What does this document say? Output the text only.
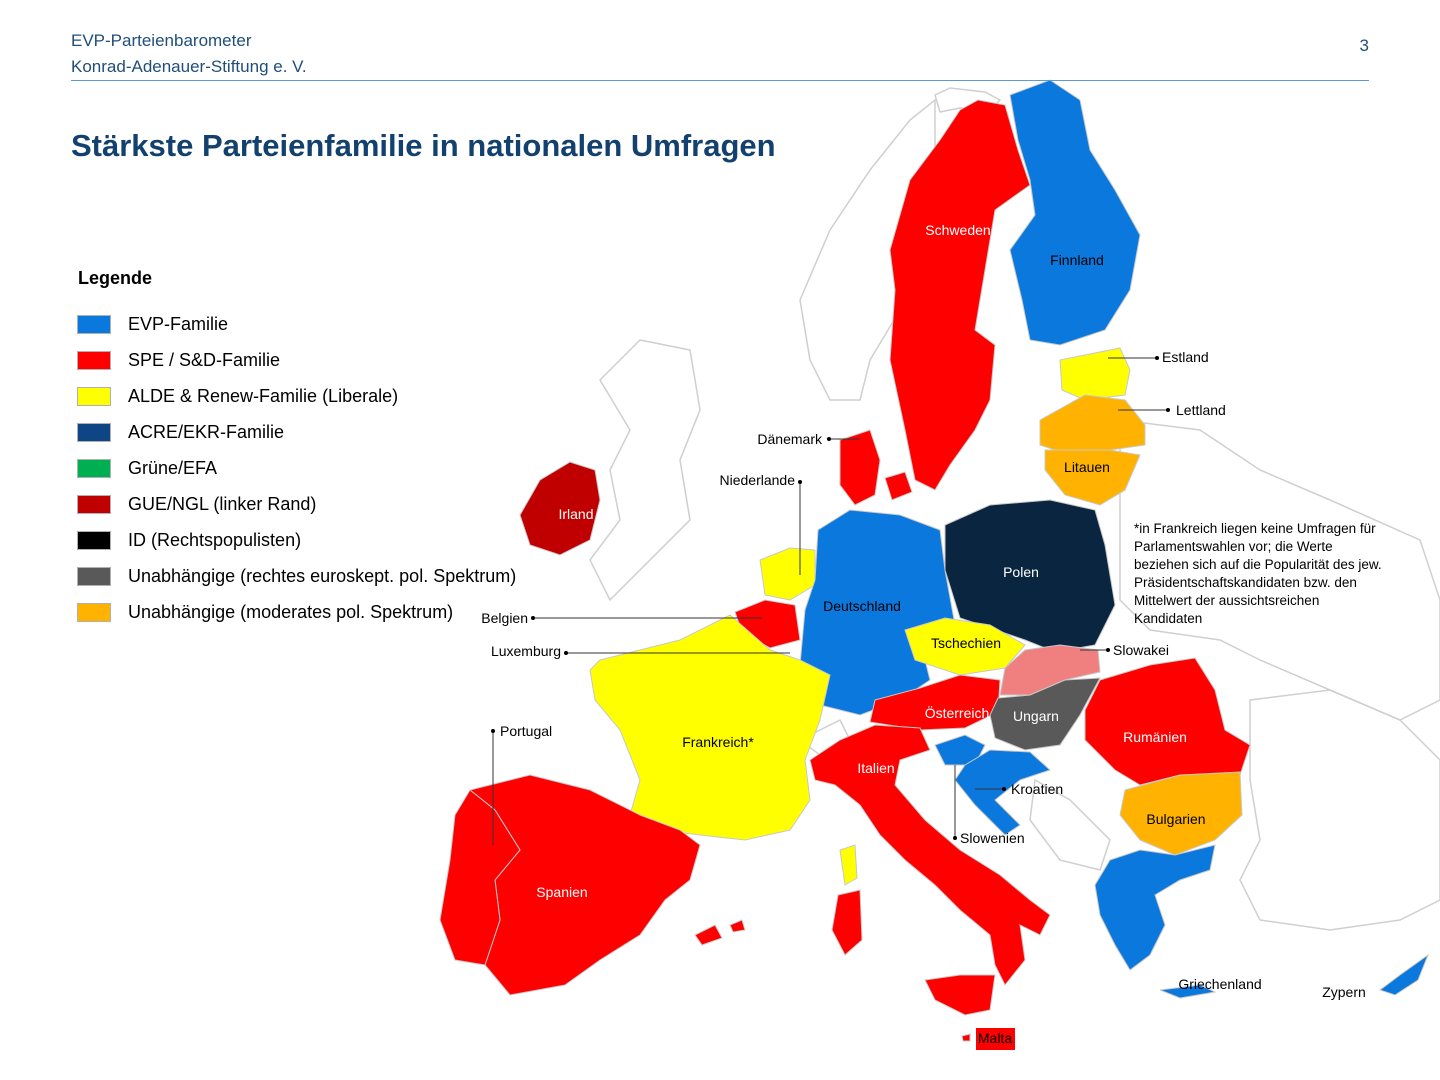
Schweden
Finnland
Estland
Lettland
Litauen
Dänemark
Niederlande
Irland
Belgien
Luxemburg
Deutschland
Polen
Tschechien	Slowakei
Österreich Ungarn
Rumänien
Frankreich*
Portugal
Spanien
Italien
Kroatien
Slowenien
Bulgarien
Griechenland	Zypern
Malta
EVP-Parteienbarometer
Konrad-Adenauer-Stiftung e. V.
3
Stärkste Parteienfamilie in nationalen Umfragen
Legende
EVP-Familie
SPE / S&D-Familie
ALDE & Renew-Familie (Liberale)
ACRE/EKR-Familie
Grüne/EFA
GUE/NGL (linker Rand)
ID (Rechtspopulisten)
Unabhängige (rechtes euroskept. pol. Spektrum)
Unabhängige (moderates pol. Spektrum)
*in Frankreich liegen keine Umfragen für Parlamentswahlen vor; die Werte beziehen sich auf die Popularität des jew. Präsidentschaftskandidaten bzw. den Mittelwert der aussichtsreichen Kandidaten
